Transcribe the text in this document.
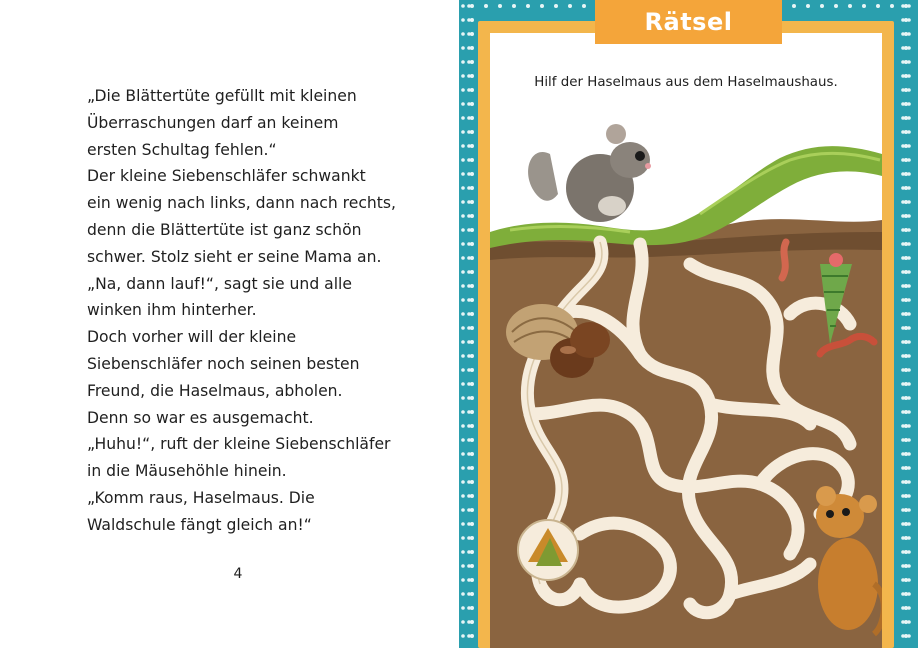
„Die Blättertüte gefüllt mit kleinen
Überraschungen darf an keinem
ersten Schultag fehlen.“
Der kleine Siebenschläfer schwankt
ein wenig nach links, dann nach rechts,
denn die Blättertüte ist ganz schön
schwer. Stolz sieht er seine Mama an.
„Na, dann lauf!“, sagt sie und alle
winken ihm hinterher.
Doch vorher will der kleine
Siebenschläfer noch seinen besten
Freund, die Haselmaus, abholen.
Denn so war es ausgemacht.
„Huhu!“, ruft der kleine Siebenschläfer
in die Mäusehöhle hinein.
„Komm raus, Haselmaus. Die
Waldschule fängt gleich an!“
4
Rätsel
Hilf der Haselmaus aus dem Haselmaushaus.
